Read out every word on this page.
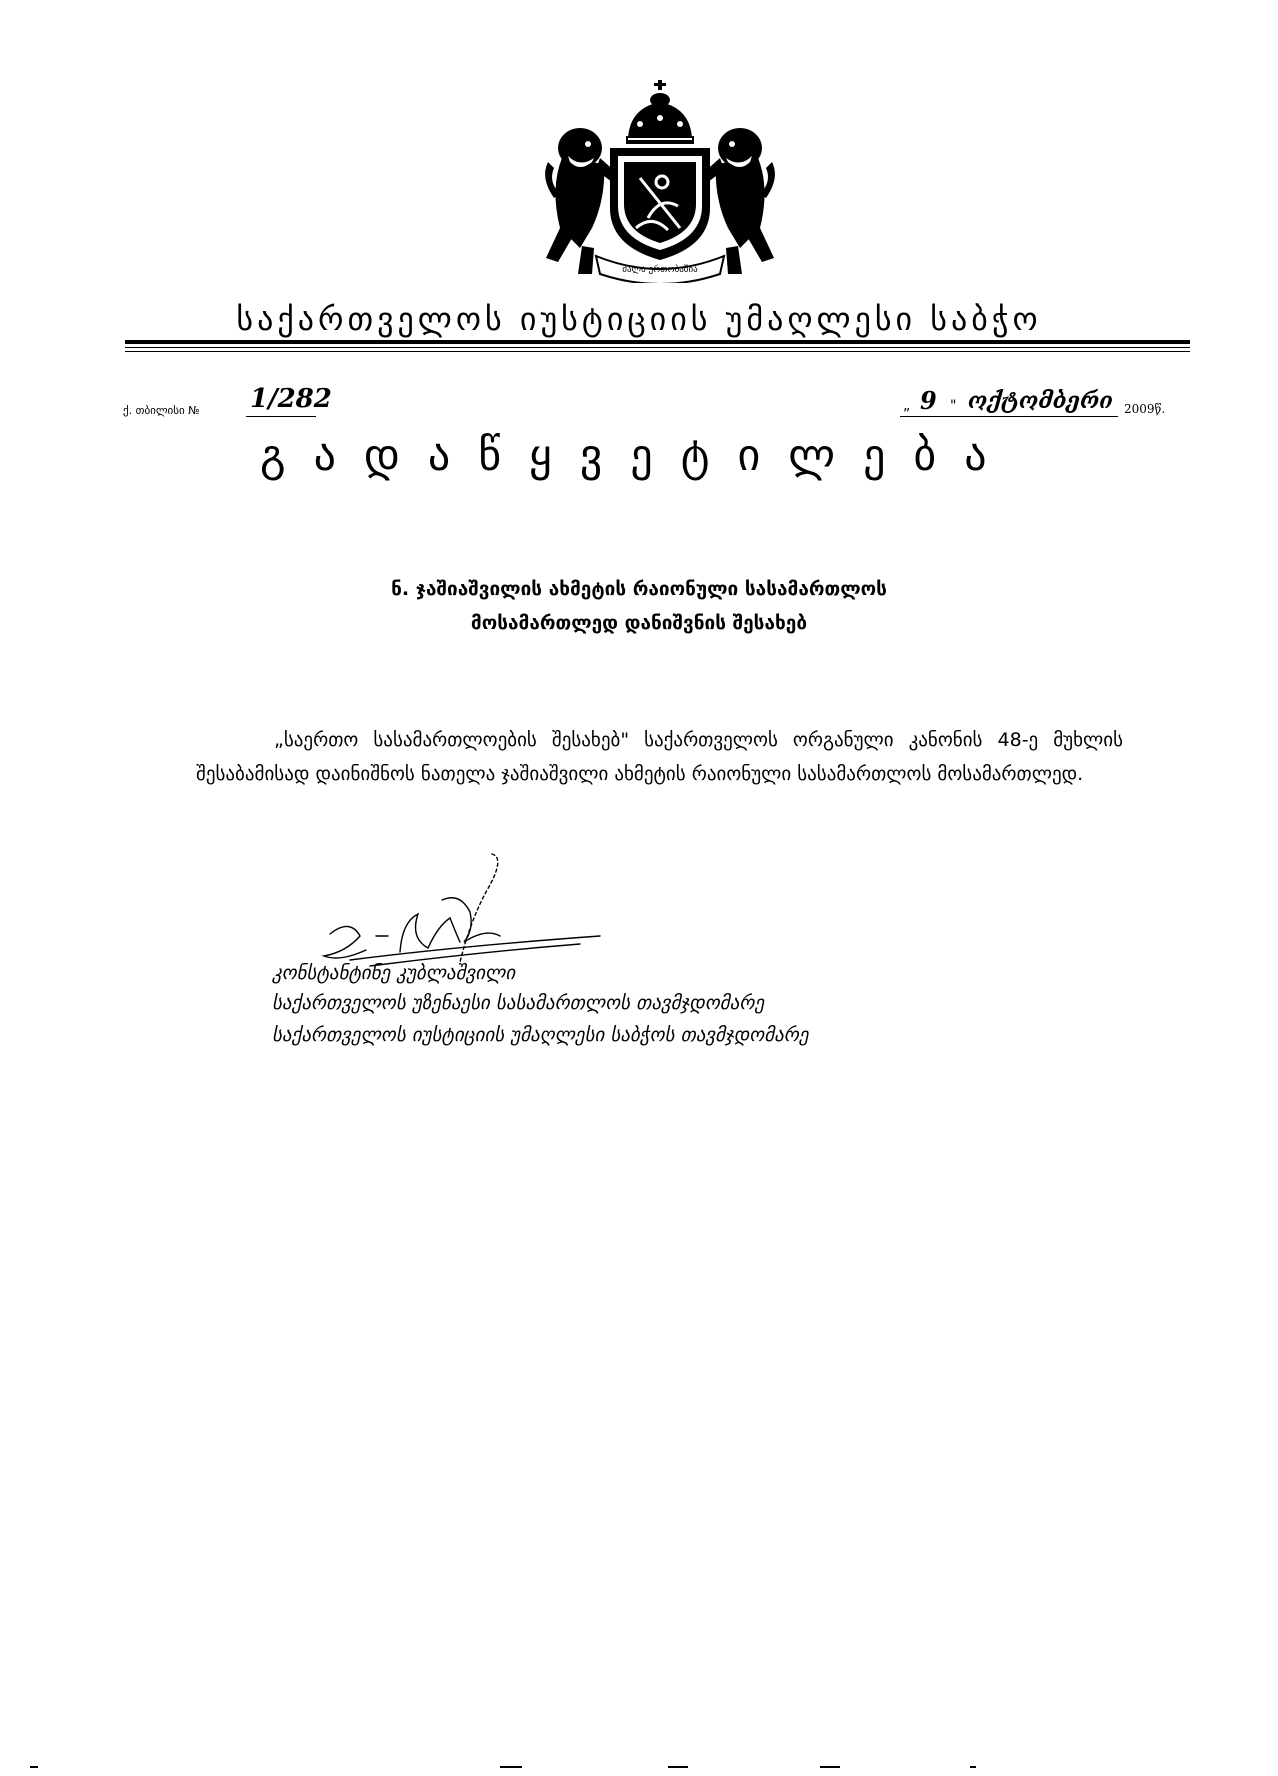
ძალა ერთობაშია
საქართველოს იუსტიციის უმაღლესი საბჭო
ქ. თბილისი № 1/282	„ 9 " ოქტომბერი 2009წ.
გადაწყვეტილება
ნ. ჯაშიაშვილის ახმეტის რაიონული სასამართლოს
მოსამართლედ დანიშვნის შესახებ
„საერთო სასამართლოების შესახებ" საქართველოს ორგანული კანონის 48-ე მუხლის შესაბამისად დაინიშნოს ნათელა ჯაშიაშვილი ახმეტის რაიონული სასამართლოს მოსამართლედ.
კონსტანტინე კუბლაშვილი
საქართველოს უზენაესი სასამართლოს თავმჯდომარე
საქართველოს იუსტიციის უმაღლესი საბჭოს თავმჯდომარე
